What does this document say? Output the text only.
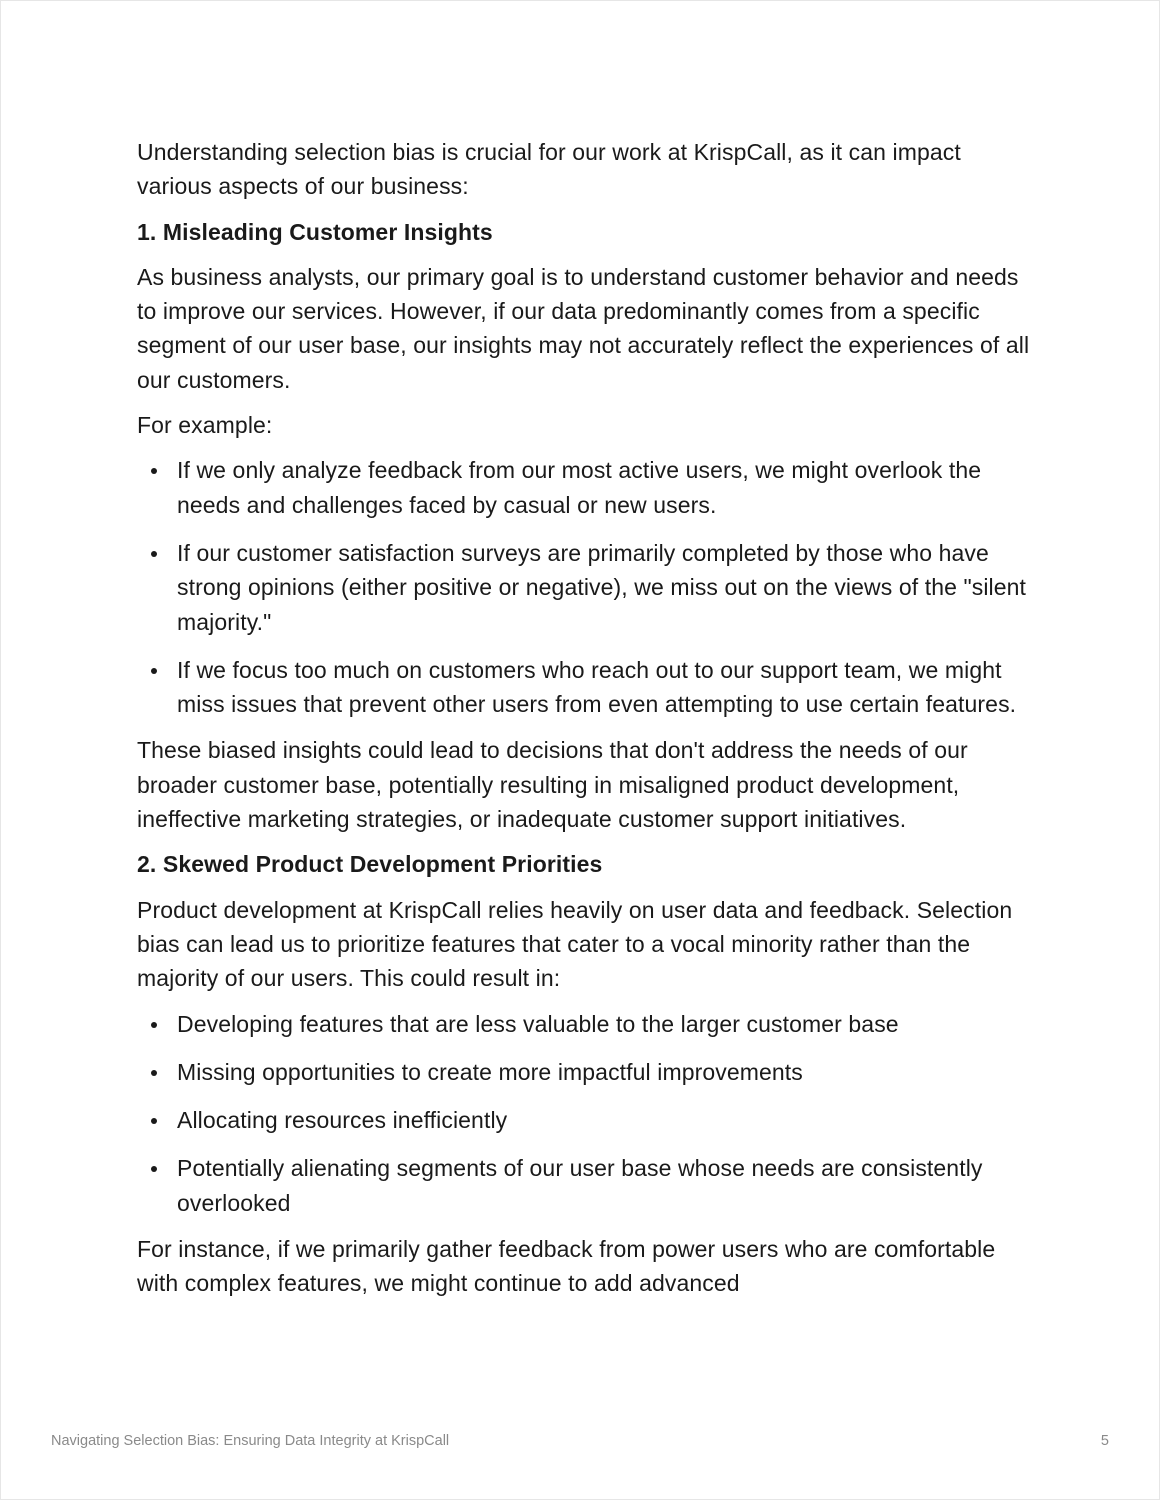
Understanding selection bias is crucial for our work at KrispCall, as it can impact various aspects of our business:

1. Misleading Customer Insights

As business analysts, our primary goal is to understand customer behavior and needs to improve our services. However, if our data predominantly comes from a specific segment of our user base, our insights may not accurately reflect the experiences of all our customers.

For example:

If we only analyze feedback from our most active users, we might overlook the needs and challenges faced by casual or new users.
If our customer satisfaction surveys are primarily completed by those who have strong opinions (either positive or negative), we miss out on the views of the "silent majority."
If we focus too much on customers who reach out to our support team, we might miss issues that prevent other users from even attempting to use certain features.

These biased insights could lead to decisions that don't address the needs of our broader customer base, potentially resulting in misaligned product development, ineffective marketing strategies, or inadequate customer support initiatives.

2. Skewed Product Development Priorities

Product development at KrispCall relies heavily on user data and feedback. Selection bias can lead us to prioritize features that cater to a vocal minority rather than the majority of our users. This could result in:

Developing features that are less valuable to the larger customer base
Missing opportunities to create more impactful improvements
Allocating resources inefficiently
Potentially alienating segments of our user base whose needs are consistently overlooked

For instance, if we primarily gather feedback from power users who are comfortable with complex features, we might continue to add advanced

Navigating Selection Bias: Ensuring Data Integrity at KrispCall	5
